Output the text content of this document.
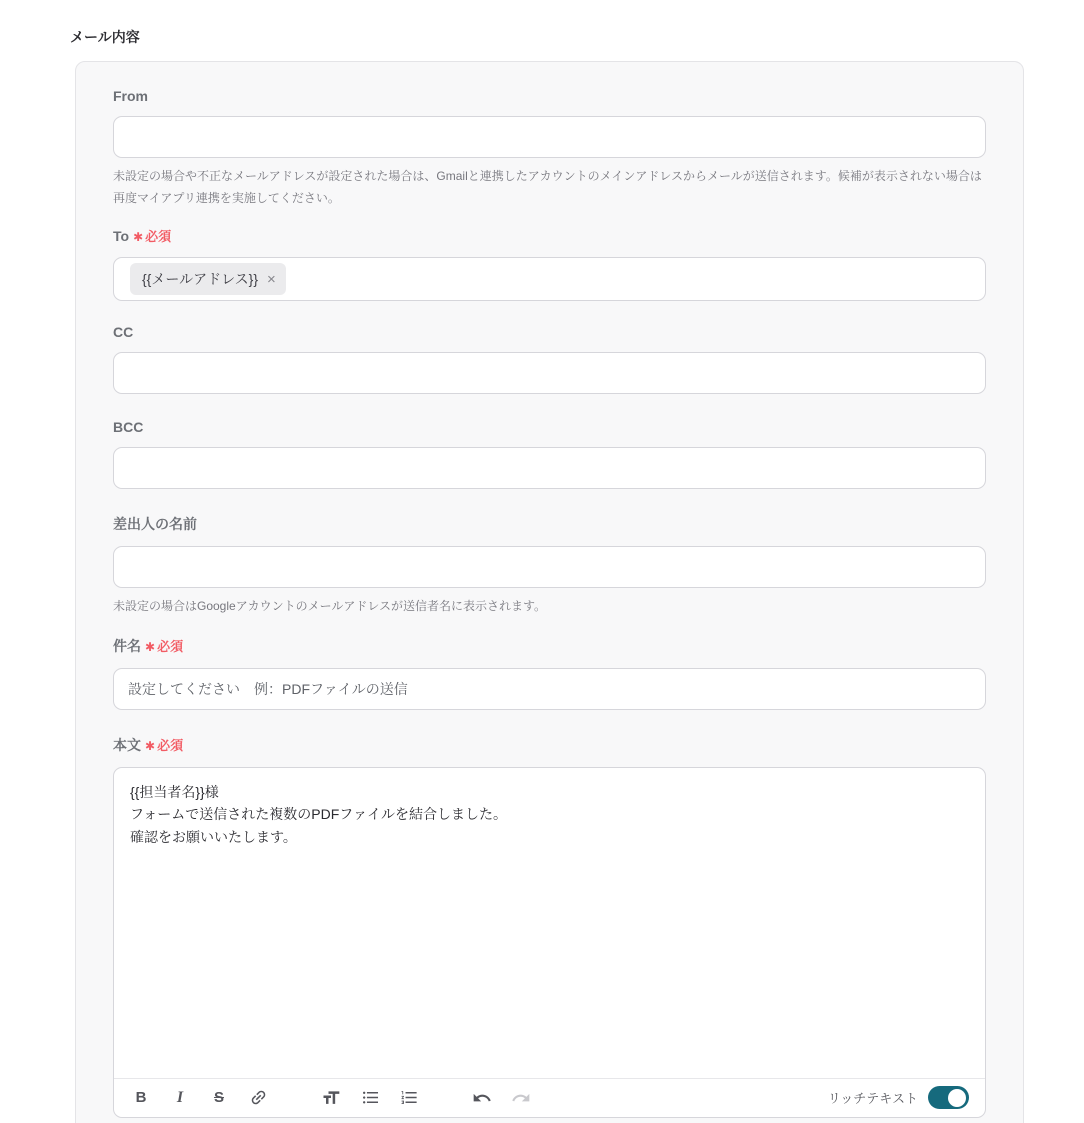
メール内容
From
未設定の場合や不正なメールアドレスが設定された場合は、Gmailと連携したアカウントのメインアドレスからメールが送信されます。候補が表示されない場合は再度マイアプリ連携を実施してください。
To ✱ 必須
{{メールアドレス}} ×
CC
BCC
差出人の名前
未設定の場合はGoogleアカウントのメールアドレスが送信者名に表示されます。
件名 ✱ 必須
設定してください　例：PDFファイルの送信
本文 ✱ 必須
{{担当者名}}様 フォームで送信された複数のPDFファイルを結合しました。 確認をお願いいたします。
B	I	S	リッチテキスト
